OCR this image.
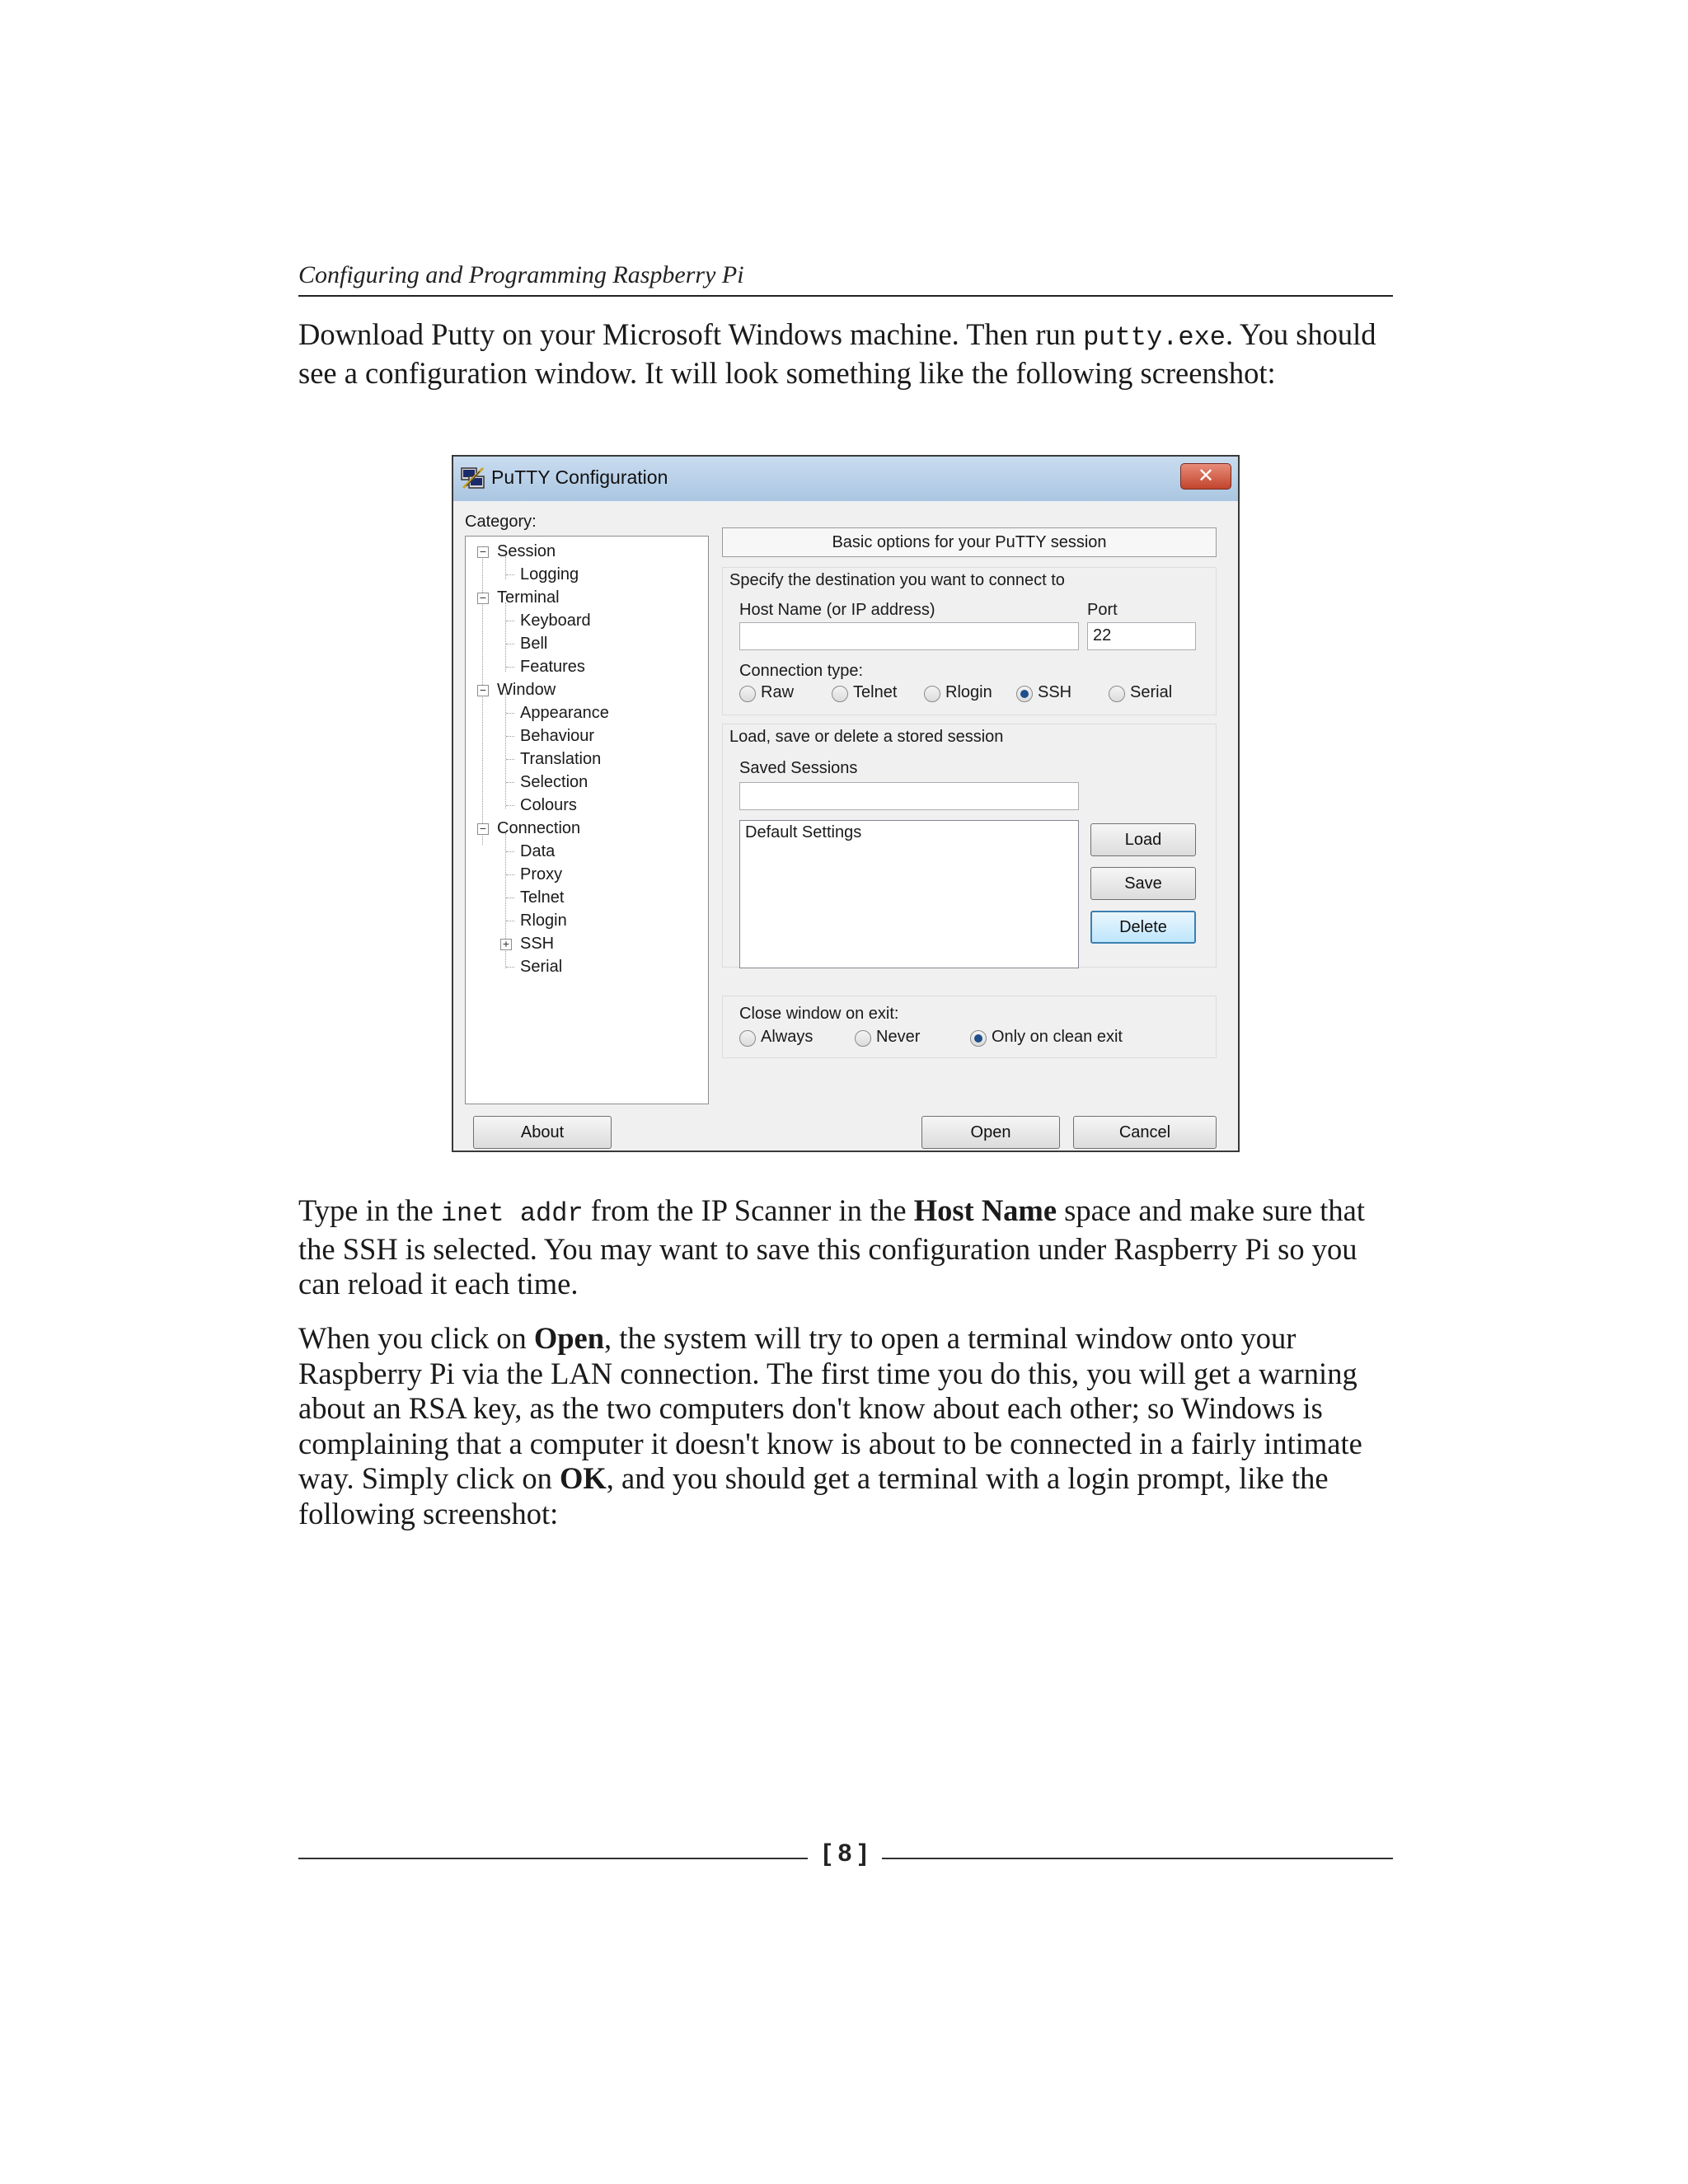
Configuring and Programming Raspberry Pi

Download Putty on your Microsoft Windows machine. Then run putty.exe. You should see a configuration window. It will look something like the following screenshot:

PuTTY Configuration	✕
Category:
− Session
Logging
− Terminal
Keyboard
Bell
Features
− Window
Appearance
Behaviour
Translation
Selection
Colours
− Connection
Data
Proxy
Telnet
Rlogin
+ SSH
Serial
Basic options for your PuTTY session
Specify the destination you want to connect to
Host Name (or IP address)	Port
22
Connection type:
Raw	Telnet	Rlogin	SSH	Serial
Load, save or delete a stored session
Saved Sessions
Default Settings	Load
Save
Delete
Close window on exit:
Always	Never	Only on clean exit
About	Open	Cancel

Type in the inet addr from the IP Scanner in the Host Name space and make sure that the SSH is selected. You may want to save this configuration under Raspberry Pi so you can reload it each time.

When you click on Open, the system will try to open a terminal window onto your Raspberry Pi via the LAN connection. The first time you do this, you will get a warning about an RSA key, as the two computers don't know about each other; so Windows is complaining that a computer it doesn't know is about to be connected in a fairly intimate way. Simply click on OK, and you should get a terminal with a login prompt, like the following screenshot:

[ 8 ]
